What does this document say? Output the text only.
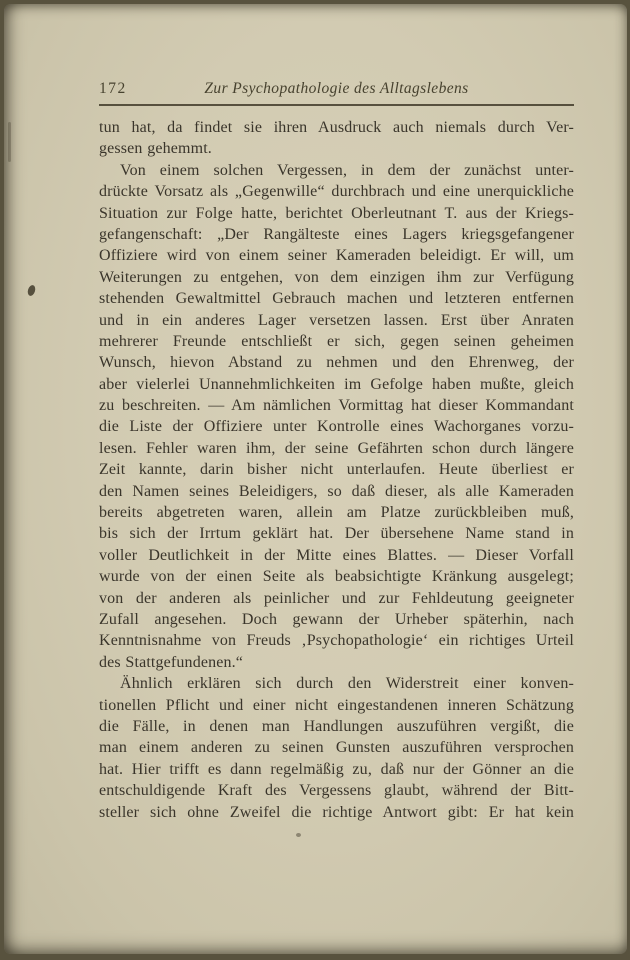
172	Zur Psychopathologie des Alltagslebens
tun hat, da findet sie ihren Ausdruck auch niemals durch Ver-
gessen gehemmt.
Von einem solchen Vergessen, in dem der zunächst unter-
drückte Vorsatz als „Gegenwille“ durchbrach und eine unerquickliche
Situation zur Folge hatte, berichtet Oberleutnant T. aus der Kriegs-
gefangenschaft: „Der Rangälteste eines Lagers kriegsgefangener
Offiziere wird von einem seiner Kameraden beleidigt. Er will, um
Weiterungen zu entgehen, von dem einzigen ihm zur Verfügung
stehenden Gewaltmittel Gebrauch machen und letzteren entfernen
und in ein anderes Lager versetzen lassen. Erst über Anraten
mehrerer Freunde entschließt er sich, gegen seinen geheimen
Wunsch, hievon Abstand zu nehmen und den Ehrenweg, der
aber vielerlei Unannehmlichkeiten im Gefolge haben mußte, gleich
zu beschreiten. — Am nämlichen Vormittag hat dieser Kommandant
die Liste der Offiziere unter Kontrolle eines Wachorganes vorzu-
lesen. Fehler waren ihm, der seine Gefährten schon durch längere
Zeit kannte, darin bisher nicht unterlaufen. Heute überliest er
den Namen seines Beleidigers, so daß dieser, als alle Kameraden
bereits abgetreten waren, allein am Platze zurückbleiben muß,
bis sich der Irrtum geklärt hat. Der übersehene Name stand in
voller Deutlichkeit in der Mitte eines Blattes. — Dieser Vorfall
wurde von der einen Seite als beabsichtigte Kränkung ausgelegt;
von der anderen als peinlicher und zur Fehldeutung geeigneter
Zufall angesehen. Doch gewann der Urheber späterhin, nach
Kenntnisnahme von Freuds ‚Psychopathologie‘ ein richtiges Urteil
des Stattgefundenen.“
Ähnlich erklären sich durch den Widerstreit einer konven-
tionellen Pflicht und einer nicht eingestandenen inneren Schätzung
die Fälle, in denen man Handlungen auszuführen vergißt, die
man einem anderen zu seinen Gunsten auszuführen versprochen
hat. Hier trifft es dann regelmäßig zu, daß nur der Gönner an die
entschuldigende Kraft des Vergessens glaubt, während der Bitt-
steller sich ohne Zweifel die richtige Antwort gibt: Er hat kein
